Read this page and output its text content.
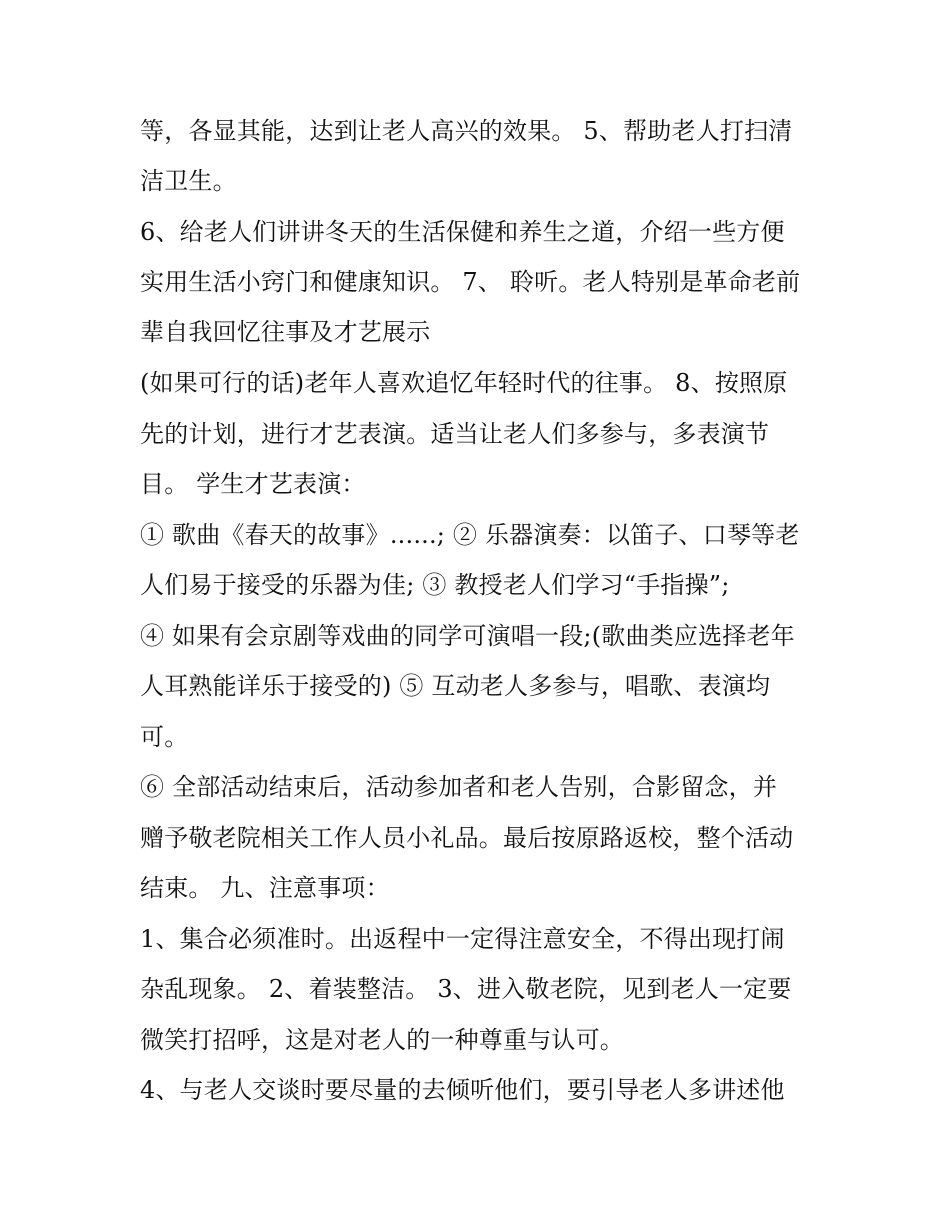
等，各显其能，达到让老人高兴的效果。 5、帮助老人打扫清
洁卫生。
6、给老人们讲讲冬天的生活保健和养生之道，介绍一些方便
实用生活小窍门和健康知识。 7、 聆听。老人特别是革命老前
辈自我回忆往事及才艺展示
(如果可行的话)老年人喜欢追忆年轻时代的往事。 8、按照原
先的计划，进行才艺表演。适当让老人们多参与，多表演节
目。 学生才艺表演：
① 歌曲《春天的故事》......; ② 乐器演奏：以笛子、口琴等老
人们易于接受的乐器为佳; ③ 教授老人们学习“手指操”;
④ 如果有会京剧等戏曲的同学可演唱一段;(歌曲类应选择老年
人耳熟能详乐于接受的) ⑤ 互动老人多参与，唱歌、表演均
可。
⑥ 全部活动结束后，活动参加者和老人告别，合影留念，并
赠予敬老院相关工作人员小礼品。最后按原路返校，整个活动
结束。 九、注意事项：
1、集合必须准时。出返程中一定得注意安全，不得出现打闹
杂乱现象。 2、着装整洁。 3、进入敬老院，见到老人一定要
微笑打招呼，这是对老人的一种尊重与认可。
4、与老人交谈时要尽量的去倾听他们，要引导老人多讲述他
